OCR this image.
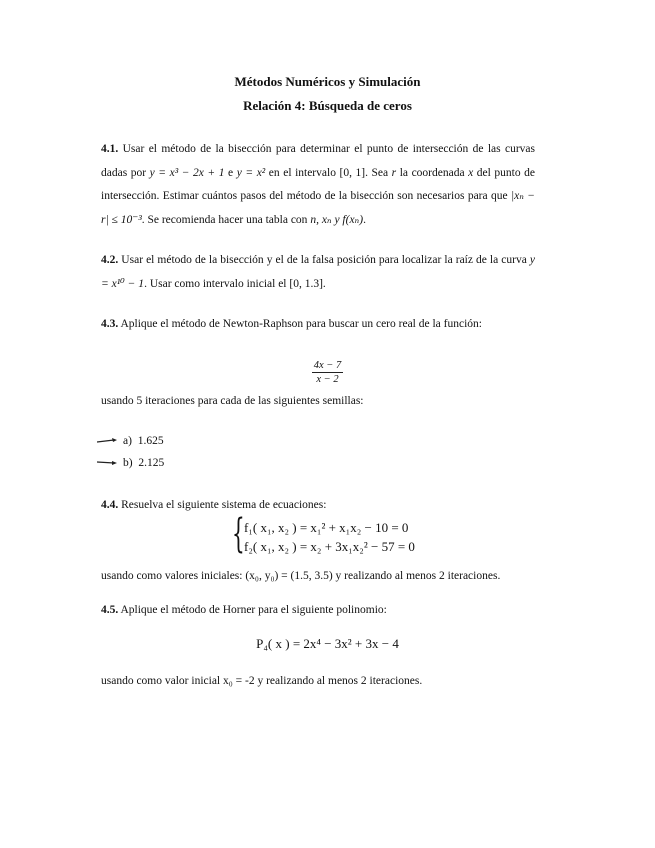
Métodos Numéricos y Simulación
Relación 4: Búsqueda de ceros
4.1. Usar el método de la bisección para determinar el punto de intersección de las curvas dadas por y = x³ − 2x + 1 e y = x² en el intervalo [0, 1]. Sea r la coordenada x del punto de intersección. Estimar cuántos pasos del método de la bisección son necesarios para que |xₙ − r| ≤ 10⁻³. Se recomienda hacer una tabla con n, xₙ y f(xₙ).
4.2. Usar el método de la bisección y el de la falsa posición para localizar la raíz de la curva y = x¹⁰ − 1. Usar como intervalo inicial el [0, 1.3].
4.3. Aplique el método de Newton-Raphson para buscar un cero real de la función:
$\frac{4x - 7}{x - 2}$
usando 5 iteraciones para cada de las siguientes semillas:
a) 1.625
b) 2.125
4.4. Resuelva el siguiente sistema de ecuaciones:
{ f₁( x₁, x₂ ) = x₁² + x₁x₂ − 10 = 0
f₂( x₁, x₂ ) = x₂ + 3x₁x₂² − 57 = 0
usando como valores iniciales: (x₀, y₀) = (1.5, 3.5) y realizando al menos 2 iteraciones.
4.5. Aplique el método de Horner para el siguiente polinomio:
P₄( x ) = 2x⁴ − 3x² + 3x − 4
usando como valor inicial x₀ = -2 y realizando al menos 2 iteraciones.
